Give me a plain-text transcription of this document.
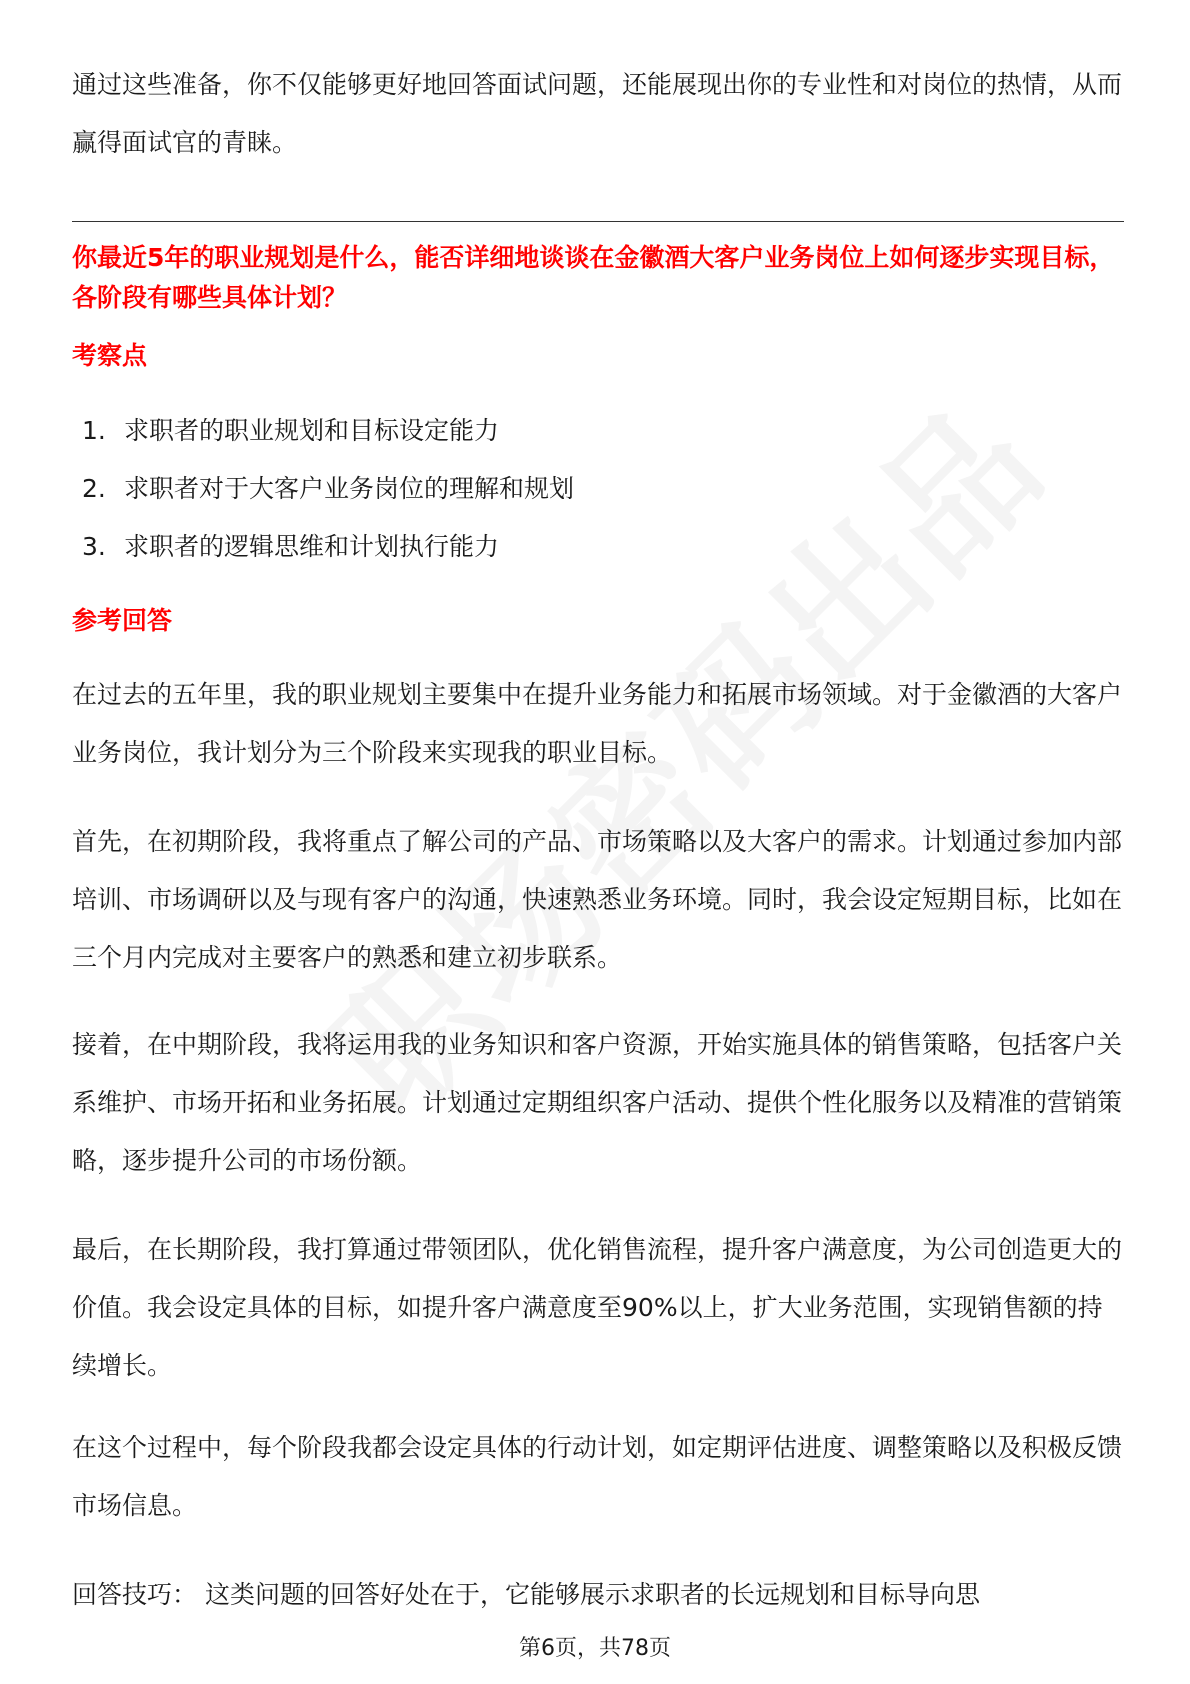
通过这些准备，你不仅能够更好地回答面试问题，还能展现出你的专业性和对岗位的热情，从而赢得面试官的青睐。

你最近5年的职业规划是什么，能否详细地谈谈在金徽酒大客户业务岗位上如何逐步实现目标，各阶段有哪些具体计划？

考察点

1. 求职者的职业规划和目标设定能力
2. 求职者对于大客户业务岗位的理解和规划
3. 求职者的逻辑思维和计划执行能力

参考回答

在过去的五年里，我的职业规划主要集中在提升业务能力和拓展市场领域。对于金徽酒的大客户业务岗位，我计划分为三个阶段来实现我的职业目标。

首先，在初期阶段，我将重点了解公司的产品、市场策略以及大客户的需求。计划通过参加内部培训、市场调研以及与现有客户的沟通，快速熟悉业务环境。同时，我会设定短期目标，比如在三个月内完成对主要客户的熟悉和建立初步联系。

接着，在中期阶段，我将运用我的业务知识和客户资源，开始实施具体的销售策略，包括客户关系维护、市场开拓和业务拓展。计划通过定期组织客户活动、提供个性化服务以及精准的营销策略，逐步提升公司的市场份额。

最后，在长期阶段，我打算通过带领团队，优化销售流程，提升客户满意度，为公司创造更大的价值。我会设定具体的目标，如提升客户满意度至90%以上，扩大业务范围，实现销售额的持续增长。

在这个过程中，每个阶段我都会设定具体的行动计划，如定期评估进度、调整策略以及积极反馈市场信息。

回答技巧： 这类问题的回答好处在于，它能够展示求职者的长远规划和目标导向思

第6页，共78页
